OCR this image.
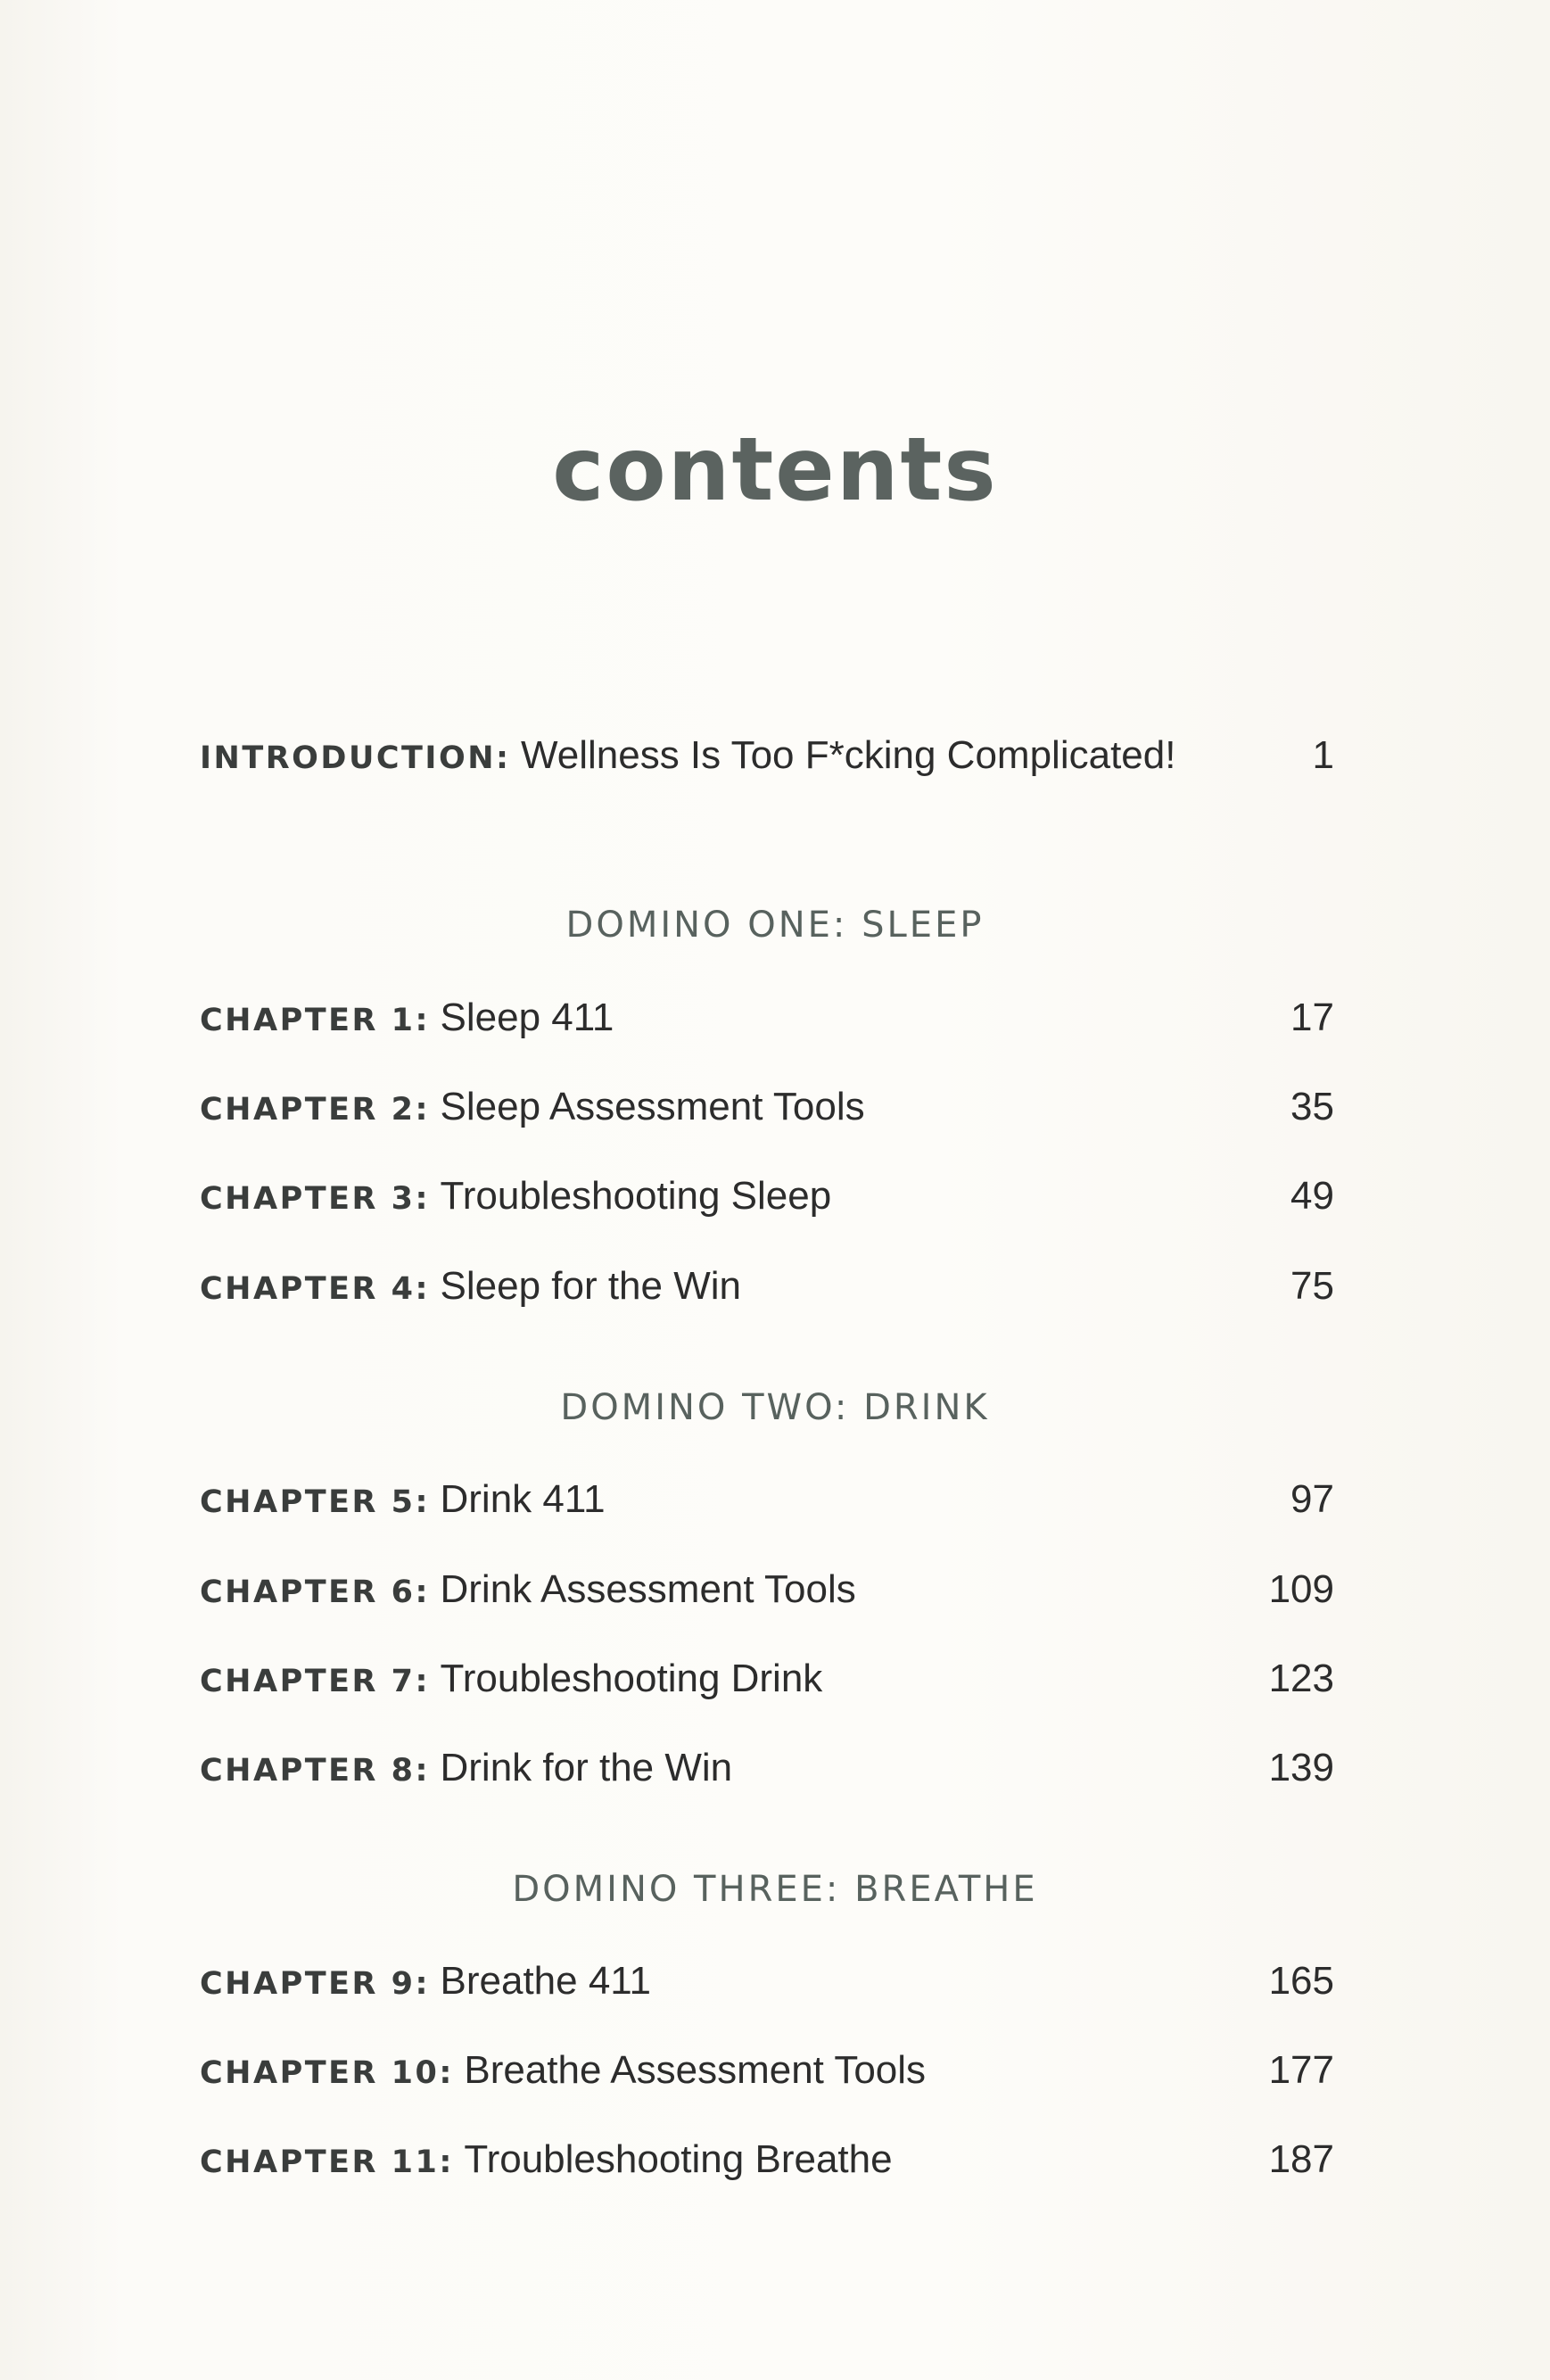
contents
INTRODUCTION : Wellness Is Too F*cking Complicated!	1
DOMINO ONE: SLEEP
CHAPTER 1 : Sleep 411	17
CHAPTER 2 : Sleep Assessment Tools	35
CHAPTER 3 : Troubleshooting Sleep	49
CHAPTER 4 : Sleep for the Win	75
DOMINO TWO: DRINK
CHAPTER 5 : Drink 411	97
CHAPTER 6 : Drink Assessment Tools	109
CHAPTER 7 : Troubleshooting Drink	123
CHAPTER 8 : Drink for the Win	139
DOMINO THREE: BREATHE
CHAPTER 9 : Breathe 411	165
CHAPTER 10 : Breathe Assessment Tools	177
CHAPTER 11 : Troubleshooting Breathe	187
